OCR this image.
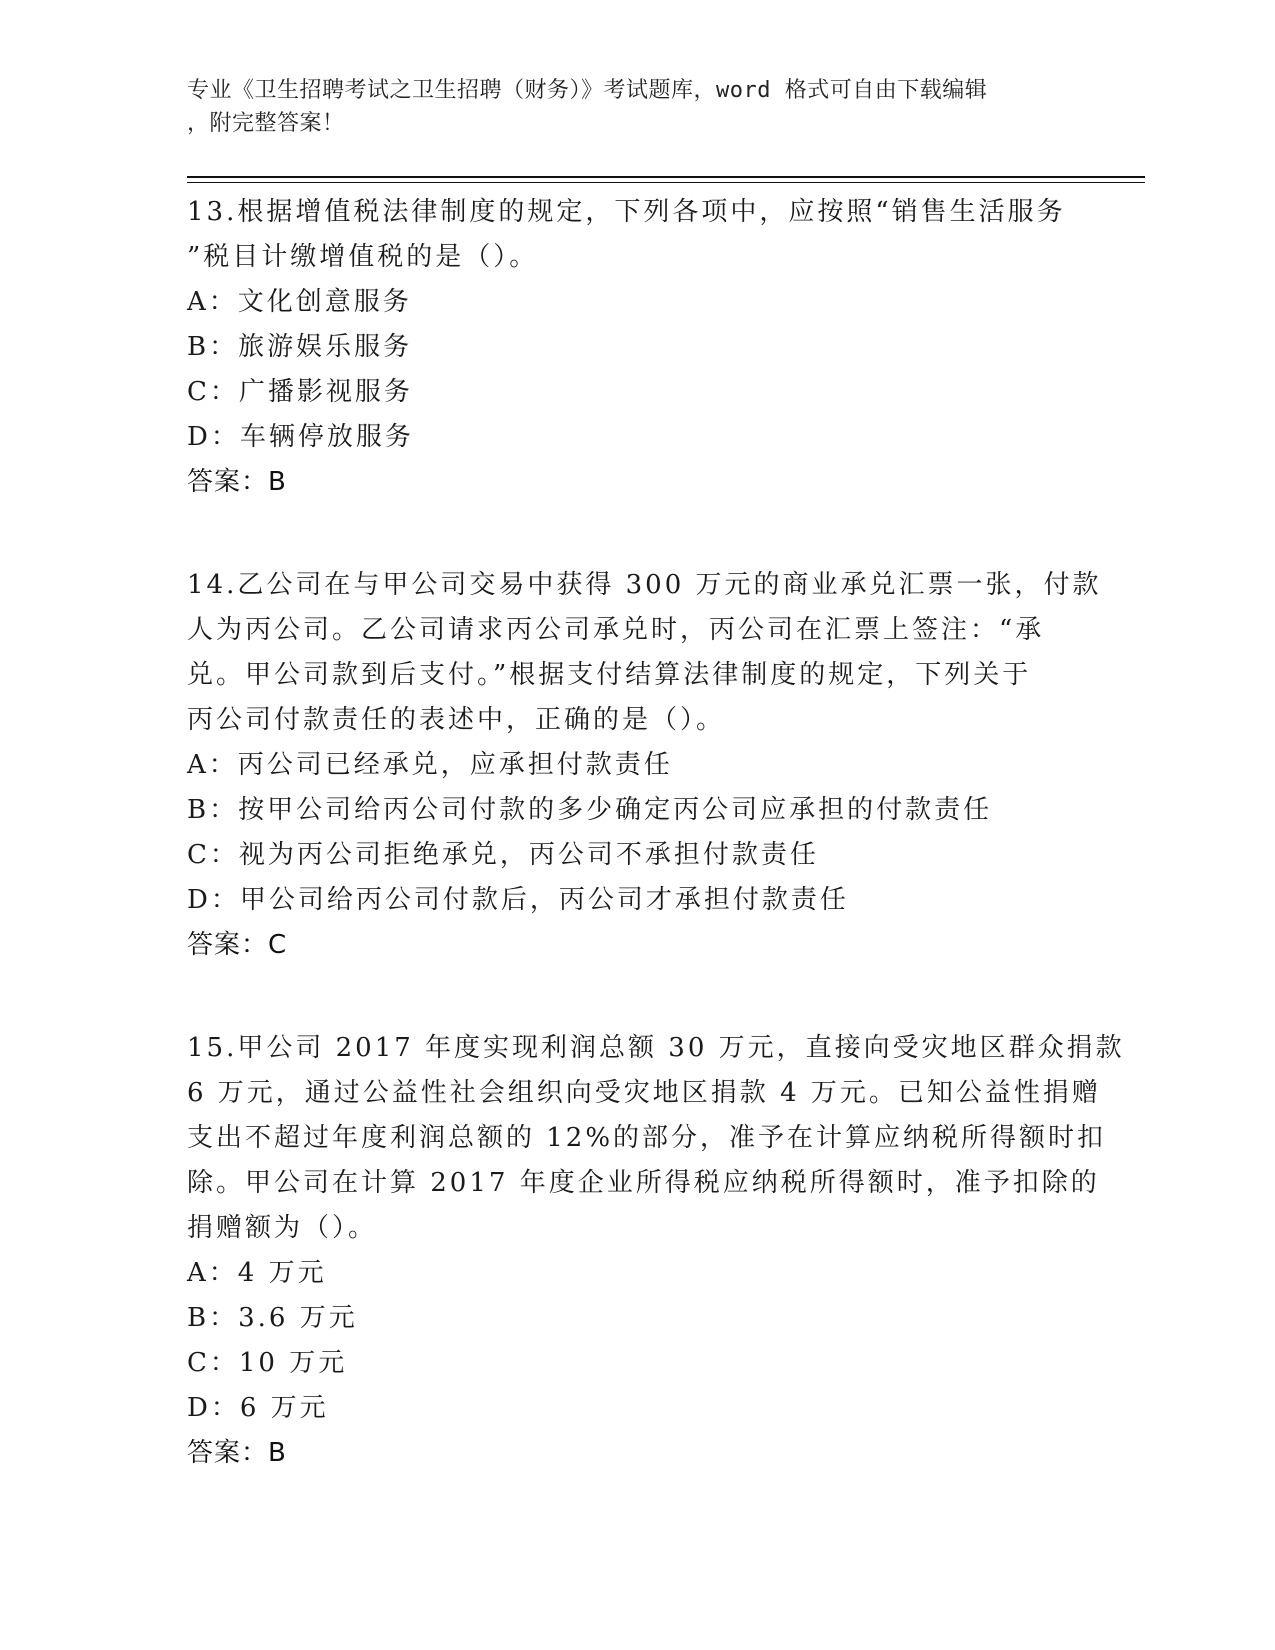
专业《卫生招聘考试之卫生招聘（财务）》考试题库，word 格式可自由下载编辑
，附完整答案！
13.根据增值税法律制度的规定，下列各项中，应按照“销售生活服务
”税目计缴增值税的是（）。
A：文化创意服务
B：旅游娱乐服务
C：广播影视服务
D：车辆停放服务
答案：B
14.乙公司在与甲公司交易中获得 300 万元的商业承兑汇票一张，付款
人为丙公司。乙公司请求丙公司承兑时，丙公司在汇票上签注：“承
兑。甲公司款到后支付。”根据支付结算法律制度的规定，下列关于
丙公司付款责任的表述中，正确的是（）。
A：丙公司已经承兑，应承担付款责任
B：按甲公司给丙公司付款的多少确定丙公司应承担的付款责任
C：视为丙公司拒绝承兑，丙公司不承担付款责任
D：甲公司给丙公司付款后，丙公司才承担付款责任
答案：C
15.甲公司 2017 年度实现利润总额 30 万元，直接向受灾地区群众捐款
6 万元，通过公益性社会组织向受灾地区捐款 4 万元。已知公益性捐赠
支出不超过年度利润总额的 12%的部分，准予在计算应纳税所得额时扣
除。甲公司在计算 2017 年度企业所得税应纳税所得额时，准予扣除的
捐赠额为（）。
A：4 万元
B：3.6 万元
C：10 万元
D：6 万元
答案：B
